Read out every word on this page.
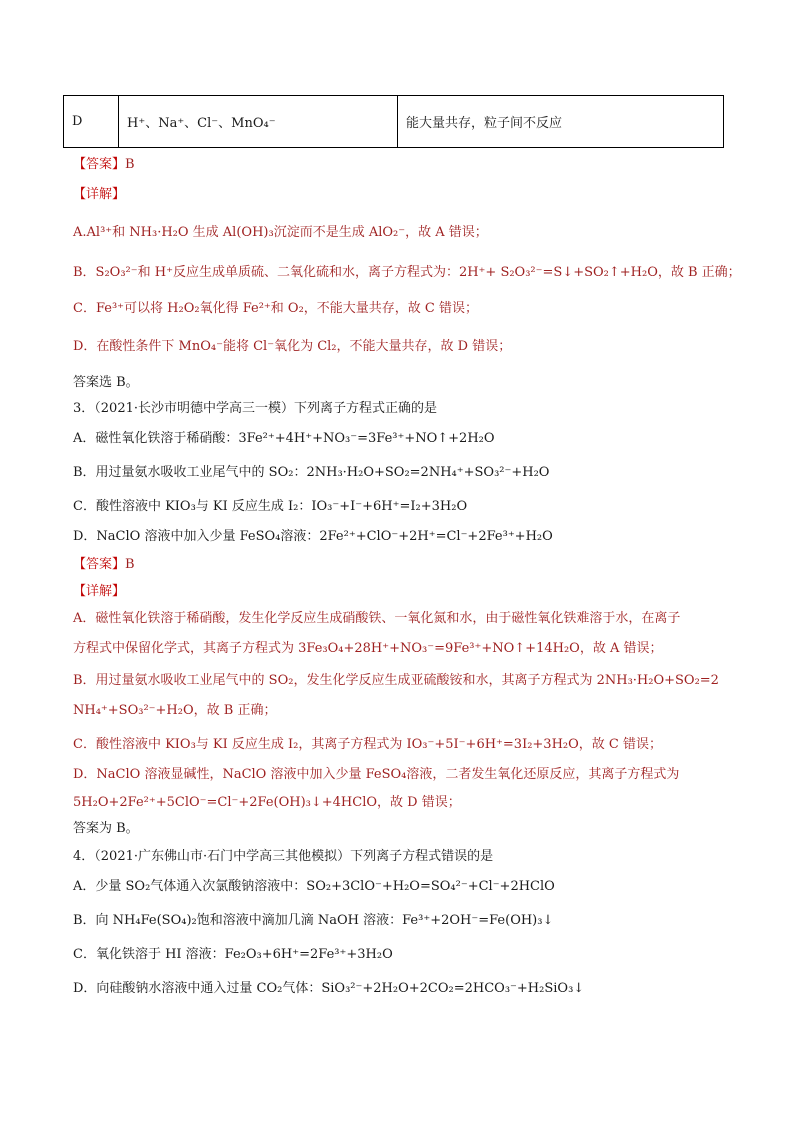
D	H⁺、Na⁺、Cl⁻、MnO₄⁻	能大量共存，粒子间不反应
【答案】B
【详解】
A.Al³⁺和 NH₃·H₂O 生成 Al(OH)₃沉淀而不是生成 AlO₂⁻，故 A 错误；
B．S₂O₃²⁻和 H⁺反应生成单质硫、二氧化硫和水，离子方程式为：2H⁺+ S₂O₃²⁻=S↓+SO₂↑+H₂O，故 B 正确；
C．Fe³⁺可以将 H₂O₂氧化得 Fe²⁺和 O₂，不能大量共存，故 C 错误；
D．在酸性条件下 MnO₄⁻能将 Cl⁻氧化为 Cl₂，不能大量共存，故 D 错误；
答案选 B。
3．（2021·长沙市明德中学高三一模）下列离子方程式正确的是
A．磁性氧化铁溶于稀硝酸：3Fe²⁺+4H⁺+NO₃⁻=3Fe³⁺+NO↑+2H₂O
B．用过量氨水吸收工业尾气中的 SO₂：2NH₃·H₂O+SO₂=2NH₄⁺+SO₃²⁻+H₂O
C．酸性溶液中 KIO₃与 KI 反应生成 I₂：IO₃⁻+I⁻+6H⁺=I₂+3H₂O
D．NaClO 溶液中加入少量 FeSO₄溶液：2Fe²⁺+ClO⁻+2H⁺=Cl⁻+2Fe³⁺+H₂O
【答案】B
【详解】
A．磁性氧化铁溶于稀硝酸，发生化学反应生成硝酸铁、一氧化氮和水，由于磁性氧化铁难溶于水，在离子
方程式中保留化学式，其离子方程式为 3Fe₃O₄+28H⁺+NO₃⁻=9Fe³⁺+NO↑+14H₂O，故 A 错误；
B．用过量氨水吸收工业尾气中的 SO₂，发生化学反应生成亚硫酸铵和水，其离子方程式为 2NH₃·H₂O+SO₂=2
NH₄⁺+SO₃²⁻+H₂O，故 B 正确；
C．酸性溶液中 KIO₃与 KI 反应生成 I₂，其离子方程式为 IO₃⁻+5I⁻+6H⁺=3I₂+3H₂O，故 C 错误；
D．NaClO 溶液显碱性，NaClO 溶液中加入少量 FeSO₄溶液，二者发生氧化还原反应，其离子方程式为
5H₂O+2Fe²⁺+5ClO⁻=Cl⁻+2Fe(OH)₃↓+4HClO，故 D 错误；
答案为 B。
4．（2021·广东佛山市·石门中学高三其他模拟）下列离子方程式错误的是
A．少量 SO₂气体通入次氯酸钠溶液中：SO₂+3ClO⁻+H₂O=SO₄²⁻+Cl⁻+2HClO
B．向 NH₄Fe(SO₄)₂饱和溶液中滴加几滴 NaOH 溶液：Fe³⁺+2OH⁻=Fe(OH)₃↓
C．氧化铁溶于 HI 溶液：Fe₂O₃+6H⁺=2Fe³⁺+3H₂O
D．向硅酸钠水溶液中通入过量 CO₂气体：SiO₃²⁻+2H₂O+2CO₂=2HCO₃⁻+H₂SiO₃↓
